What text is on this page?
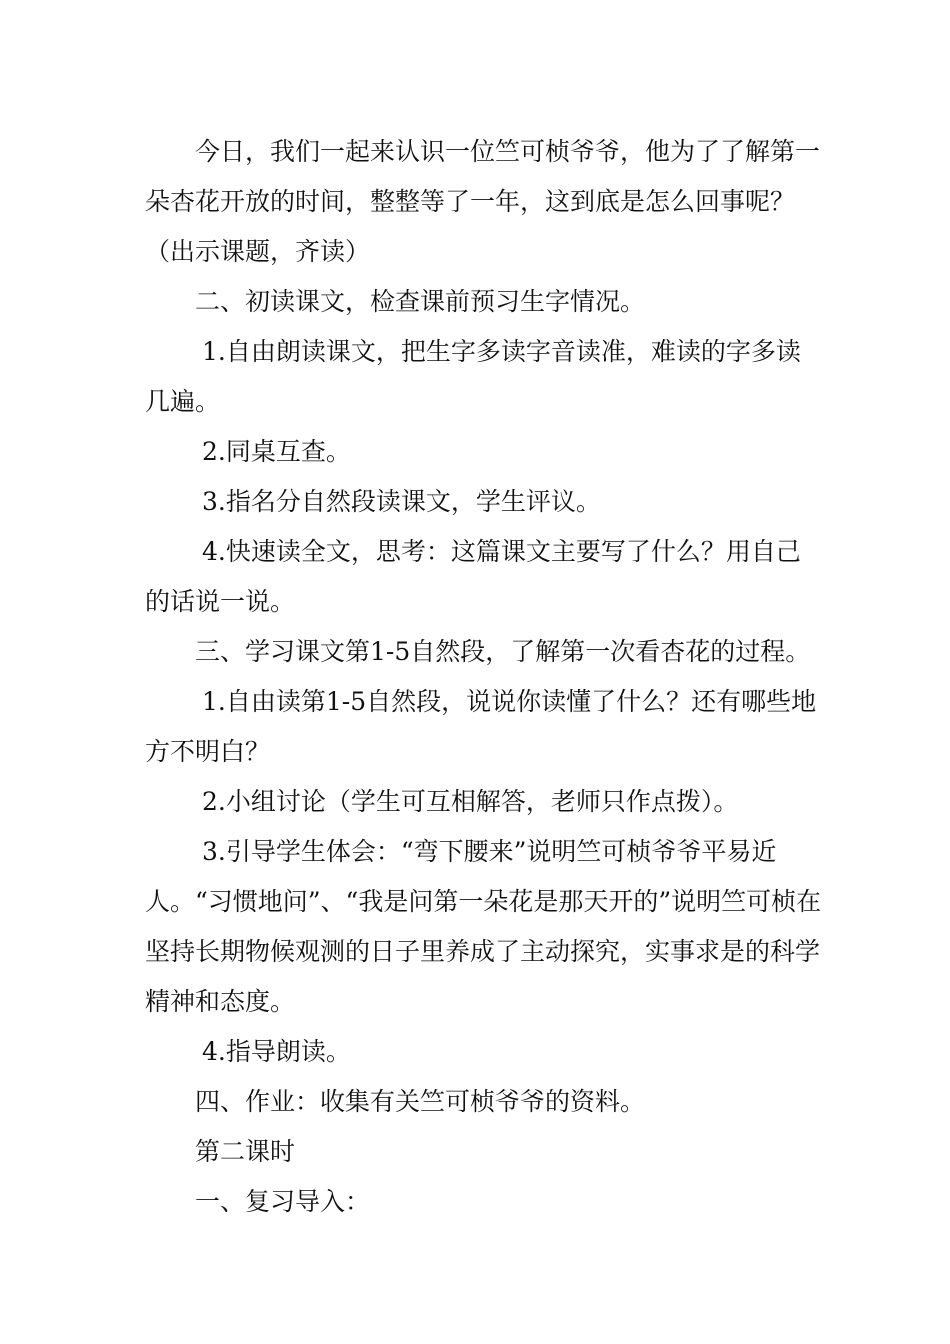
今日，我们一起来认识一位竺可桢爷爷，他为了了解第一朵杏花开放的时间，整整等了一年，这到底是怎么回事呢？（出示课题，齐读）

二、初读课文，检查课前预习生字情况。

1.自由朗读课文，把生字多读字音读准，难读的字多读几遍。

2.同桌互查。

3.指名分自然段读课文，学生评议。

4.快速读全文，思考：这篇课文主要写了什么？用自己的话说一说。

三、学习课文第1-5自然段，了解第一次看杏花的过程。

1.自由读第1-5自然段，说说你读懂了什么？还有哪些地方不明白？

2.小组讨论（学生可互相解答，老师只作点拨）。

3.引导学生体会：“弯下腰来”说明竺可桢爷爷平易近人。“习惯地问”、“我是问第一朵花是那天开的”说明竺可桢在坚持长期物候观测的日子里养成了主动探究，实事求是的科学精神和态度。

4.指导朗读。

四、作业：收集有关竺可桢爷爷的资料。

第二课时

一、复习导入：
